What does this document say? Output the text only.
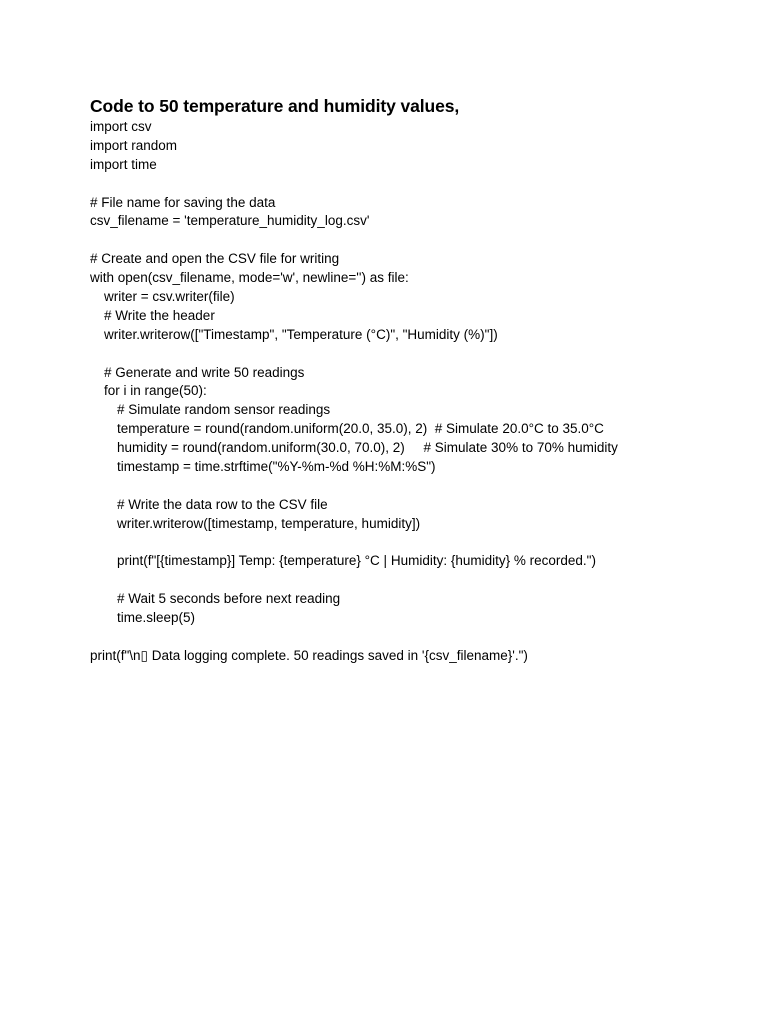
Code to 50 temperature and humidity values,
import csv
import random
import time
# File name for saving the data
csv_filename = 'temperature_humidity_log.csv'
# Create and open the CSV file for writing
with open(csv_filename, mode='w', newline='') as file:
writer = csv.writer(file)
# Write the header
writer.writerow(["Timestamp", "Temperature (°C)", "Humidity (%)"])
# Generate and write 50 readings
for i in range(50):
# Simulate random sensor readings
temperature = round(random.uniform(20.0, 35.0), 2)  # Simulate 20.0°C to 35.0°C
humidity = round(random.uniform(30.0, 70.0), 2)     # Simulate 30% to 70% humidity
timestamp = time.strftime("%Y-%m-%d %H:%M:%S")
# Write the data row to the CSV file
writer.writerow([timestamp, temperature, humidity])
print(f"[{timestamp}] Temp: {temperature} °C | Humidity: {humidity} % recorded.")
# Wait 5 seconds before next reading
time.sleep(5)
print(f"\n▯ Data logging complete. 50 readings saved in '{csv_filename}'.")
